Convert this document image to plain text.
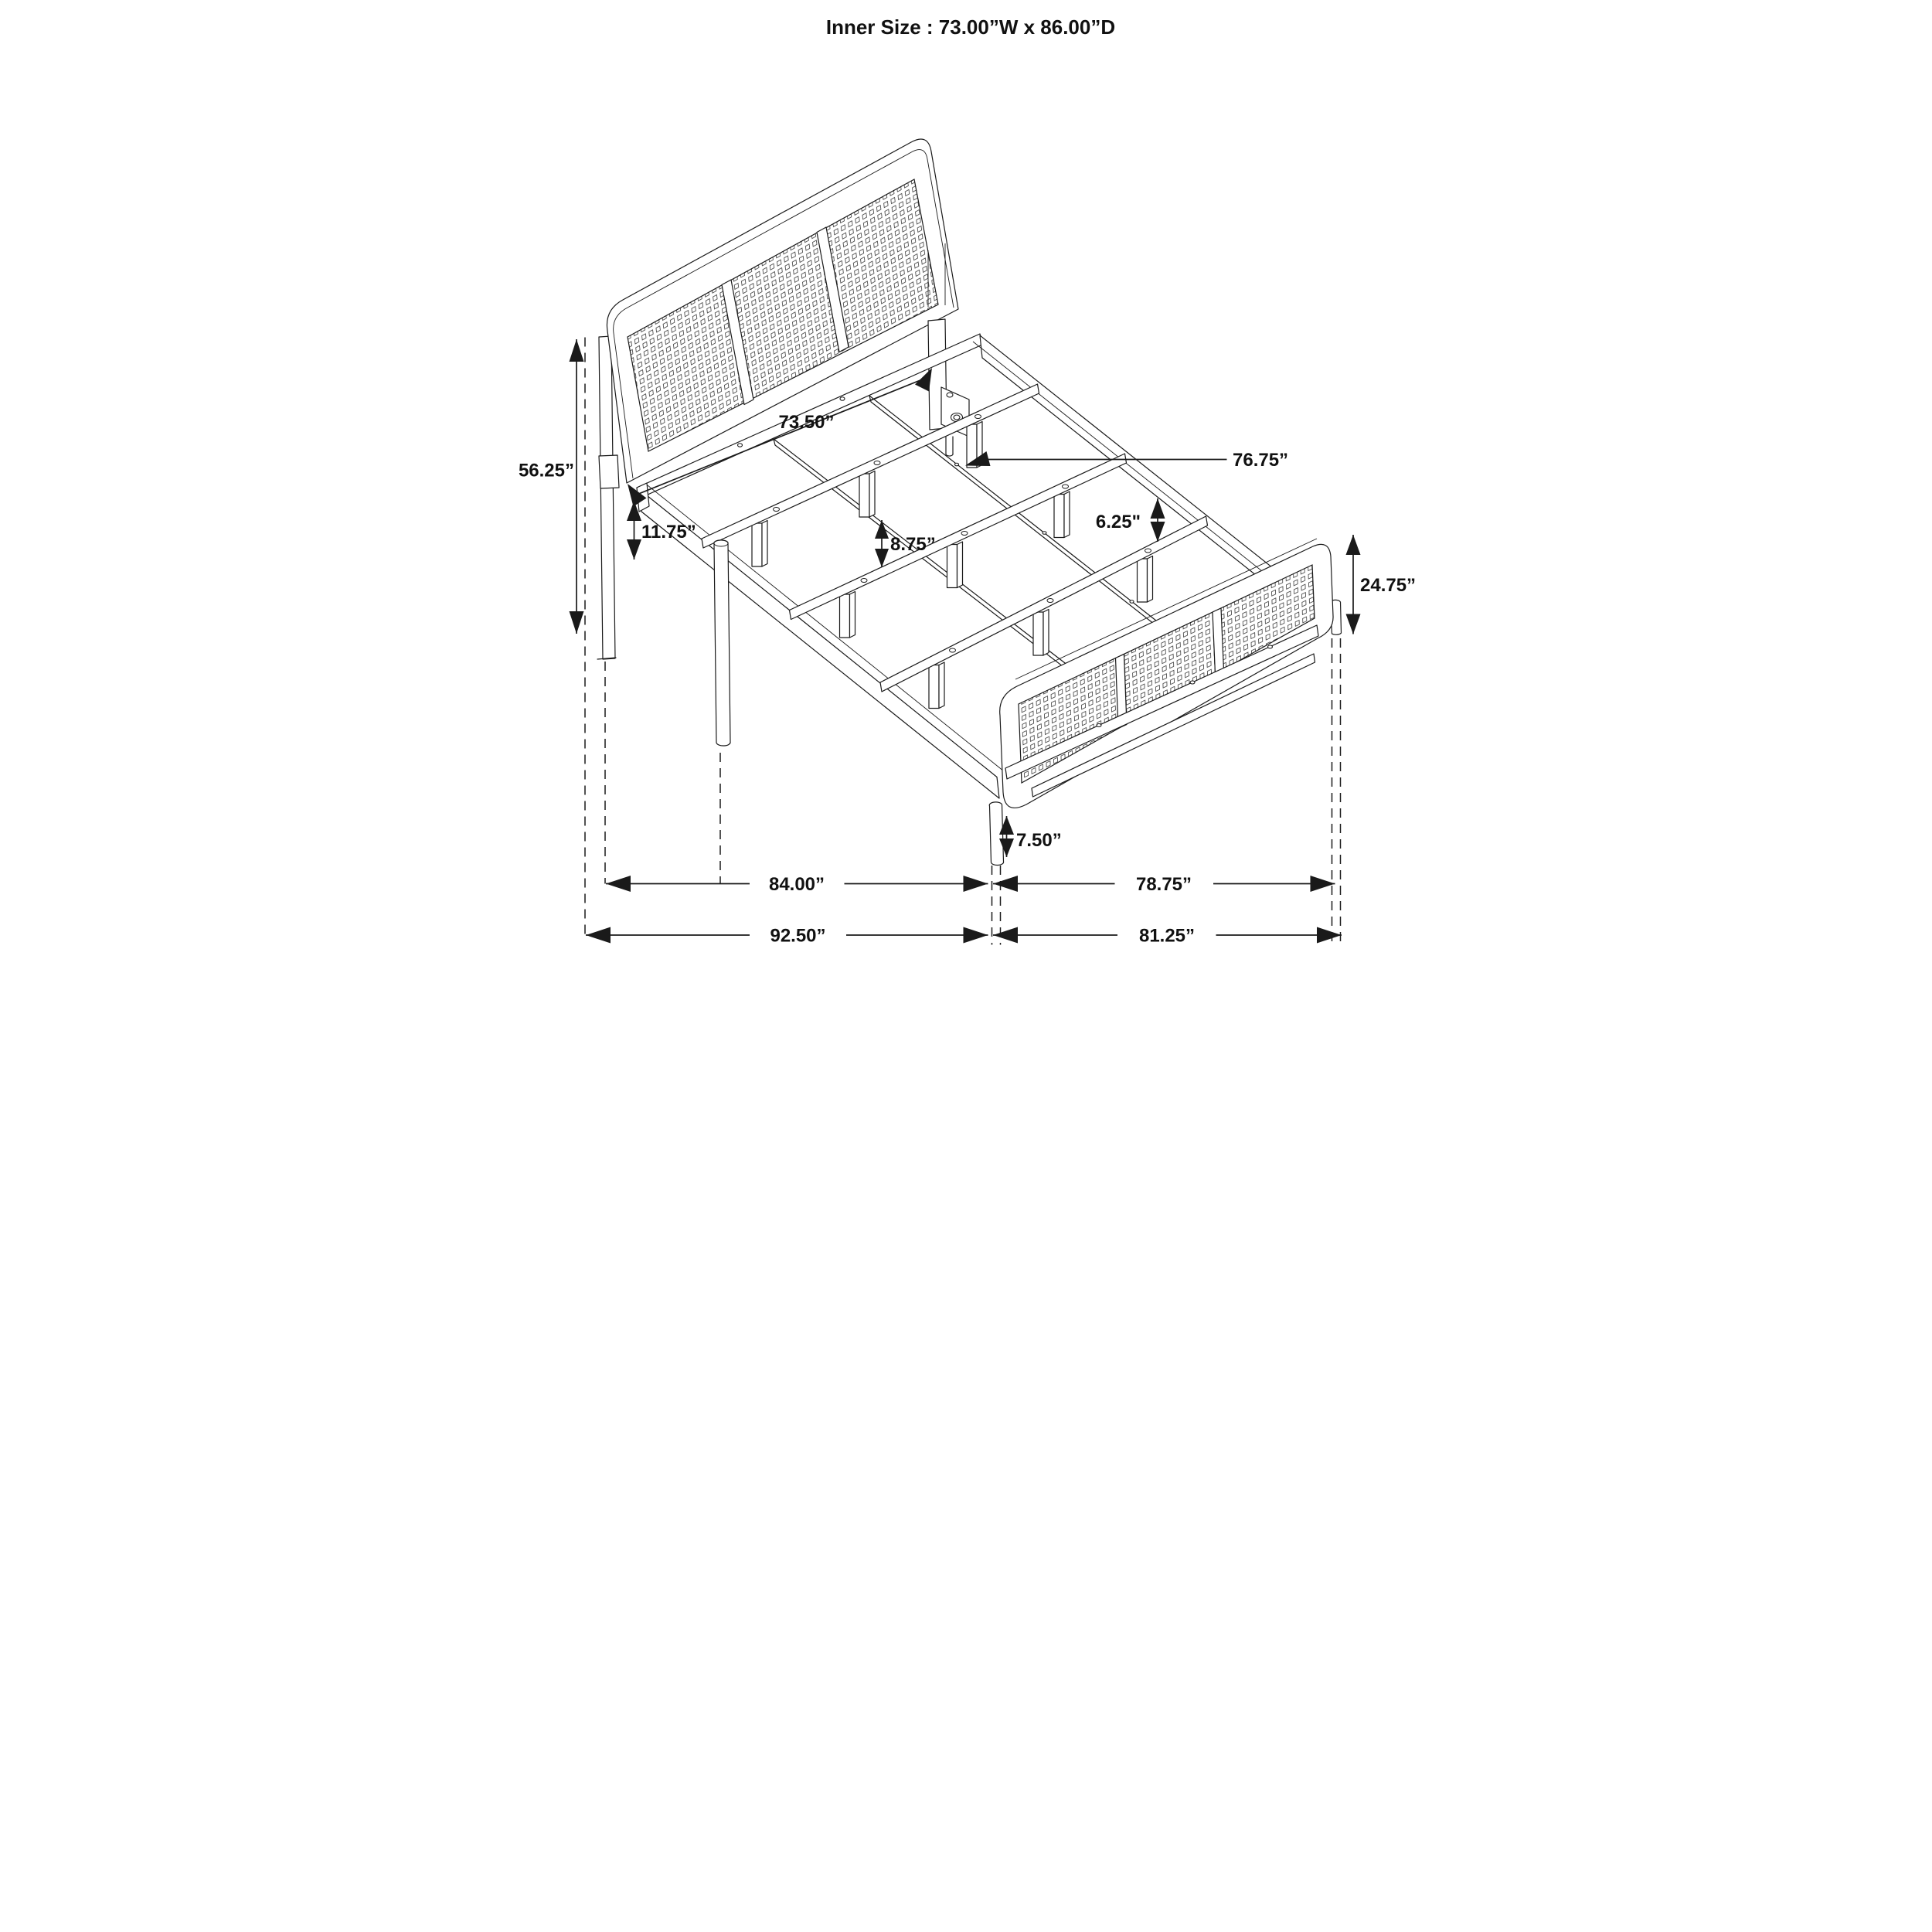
Inner Size : 73.00”W x 86.00”D
56.25”
73.50”
76.75”
11.75”
8.75”
6.25"
24.75”
7.50”
84.00”	78.75”
92.50”	81.25”
